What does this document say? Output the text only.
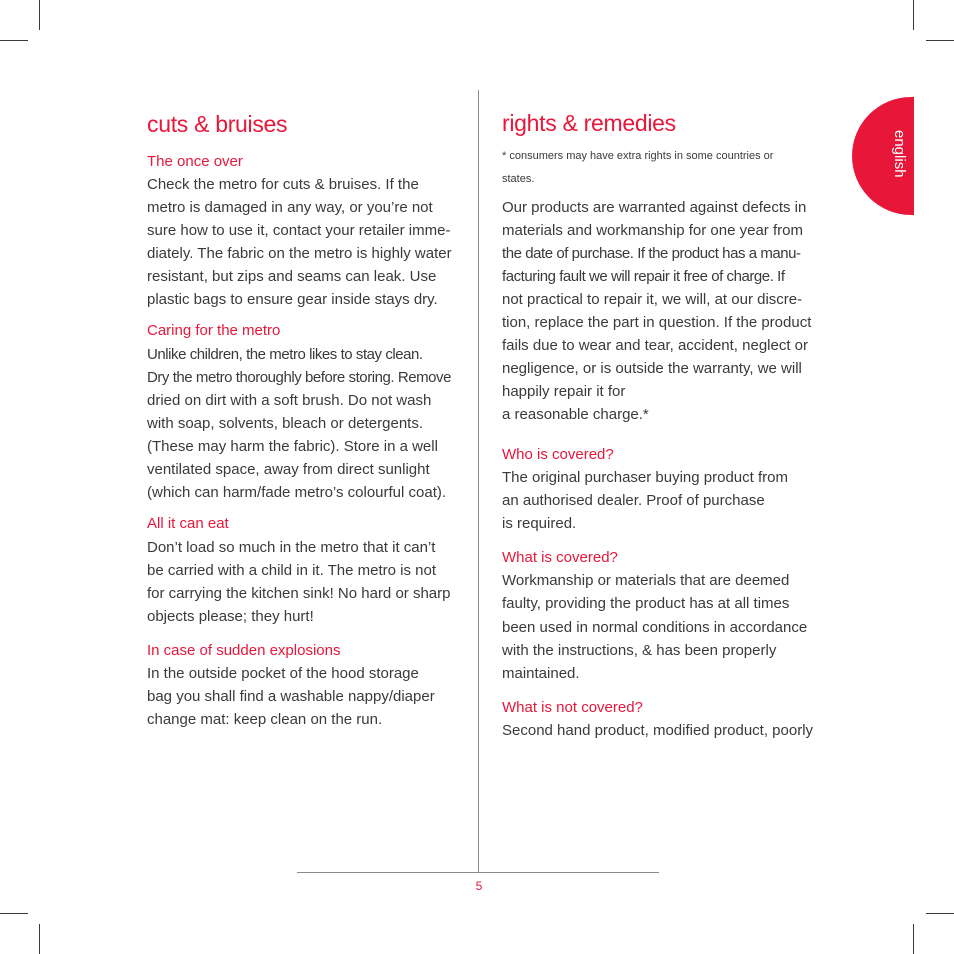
cuts & bruises
The once over

Check the metro for cuts & bruises. If the

metro is damaged in any way, or you’re not

sure how to use it, contact your retailer imme-

diately. The fabric on the metro is highly water

resistant, but zips and seams can leak. Use

plastic bags to ensure gear inside stays dry.

Caring for the metro

Unlike children, the metro likes to stay clean.

Dry the metro thoroughly before storing. Remove

dried on dirt with a soft brush. Do not wash

with soap, solvents, bleach or detergents.

(These may harm the fabric). Store in a well

ventilated space, away from direct sunlight

(which can harm/fade metro’s colourful coat).

All it can eat

Don’t load so much in the metro that it can’t

be carried with a child in it. The metro is not

for carrying the kitchen sink! No hard or sharp

objects please; they hurt!

In case of sudden explosions

In the outside pocket of the hood storage

bag you shall find a washable nappy/diaper

change mat: keep clean on the run.

rights & remedies

* consumers may have extra rights in some countries or

states.

Our products are warranted against defects in

materials and workmanship for one year from

the date of purchase. If the product has a manu-

facturing fault we will repair it free of charge. If

not practical to repair it, we will, at our discre-

tion, replace the part in question. If the product

fails due to wear and tear, accident, neglect or

negligence, or is outside the warranty, we will

happily repair it for

a reasonable charge.*

Who is covered?

The original purchaser buying product from

an authorised dealer. Proof of purchase

is required.

What is covered?

Workmanship or materials that are deemed

faulty, providing the product has at all times

been used in normal conditions in accordance

with the instructions, & has been properly

maintained.

What is not covered?

Second hand product, modified product, poorly

english
5
